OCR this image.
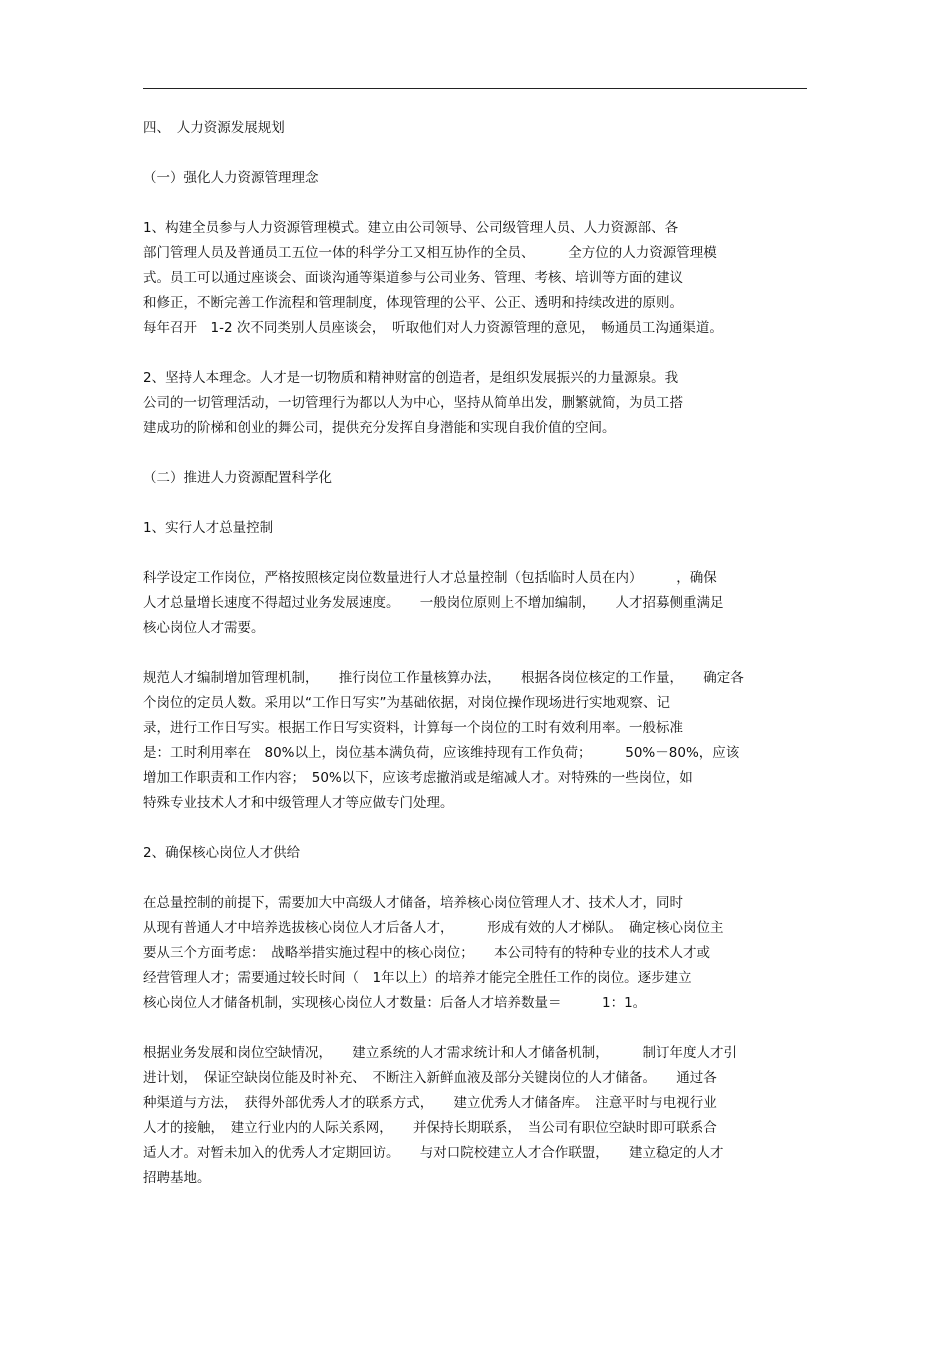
四、　人力资源发展规划
（一）强化人力资源管理理念
1、构建全员参与人力资源管理模式。建立由公司领导、公司级管理人员、人力资源部、各
部门管理人员及普通员工五位一体的科学分工又相互协作的全员、　　　全方位的人力资源管理模
式。员工可以通过座谈会、面谈沟通等渠道参与公司业务、管理、考核、培训等方面的建议
和修正，不断完善工作流程和管理制度，体现管理的公平、公正、透明和持续改进的原则。
每年召开　1-2 次不同类别人员座谈会，　听取他们对人力资源管理的意见，　畅通员工沟通渠道。
2、坚持人本理念。人才是一切物质和精神财富的创造者，是组织发展振兴的力量源泉。我
公司的一切管理活动，一切管理行为都以人为中心，坚持从简单出发，删繁就简，为员工搭
建成功的阶梯和创业的舞公司，提供充分发挥自身潜能和实现自我价值的空间。
（二）推进人力资源配置科学化
1、实行人才总量控制
科学设定工作岗位，严格按照核定岗位数量进行人才总量控制（包括临时人员在内）　　　，确保
人才总量增长速度不得超过业务发展速度。　　一般岗位原则上不增加编制，　　人才招募侧重满足
核心岗位人才需要。
规范人才编制增加管理机制，　　推行岗位工作量核算办法，　　根据各岗位核定的工作量，　　确定各
个岗位的定员人数。采用以“工作日写实”为基础依据，对岗位操作现场进行实地观察、记
录，进行工作日写实。根据工作日写实资料，计算每一个岗位的工时有效利用率。一般标准
是：工时利用率在　80%以上，岗位基本满负荷，应该维持现有工作负荷；　　　50%－80%，应该
增加工作职责和工作内容；　50%以下，应该考虑撤消或是缩减人才。对特殊的一些岗位，如
特殊专业技术人才和中级管理人才等应做专门处理。
2、确保核心岗位人才供给
在总量控制的前提下，需要加大中高级人才储备，培养核心岗位管理人才、技术人才，同时
从现有普通人才中培养选拔核心岗位人才后备人才，　　　形成有效的人才梯队。　确定核心岗位主
要从三个方面考虑：　战略举措实施过程中的核心岗位；　　本公司特有的特种专业的技术人才或
经营管理人才；需要通过较长时间（　1年以上）的培养才能完全胜任工作的岗位。逐步建立
核心岗位人才储备机制，实现核心岗位人才数量：后备人才培养数量＝　　　1：1。
根据业务发展和岗位空缺情况，　　建立系统的人才需求统计和人才储备机制，　　　制订年度人才引
进计划，　保证空缺岗位能及时补充、　不断注入新鲜血液及部分关键岗位的人才储备。　　通过各
种渠道与方法，　获得外部优秀人才的联系方式，　　建立优秀人才储备库。　注意平时与电视行业
人才的接触，　建立行业内的人际关系网，　　并保持长期联系，　当公司有职位空缺时即可联系合
适人才。对暂未加入的优秀人才定期回访。　　与对口院校建立人才合作联盟，　　建立稳定的人才
招聘基地。
